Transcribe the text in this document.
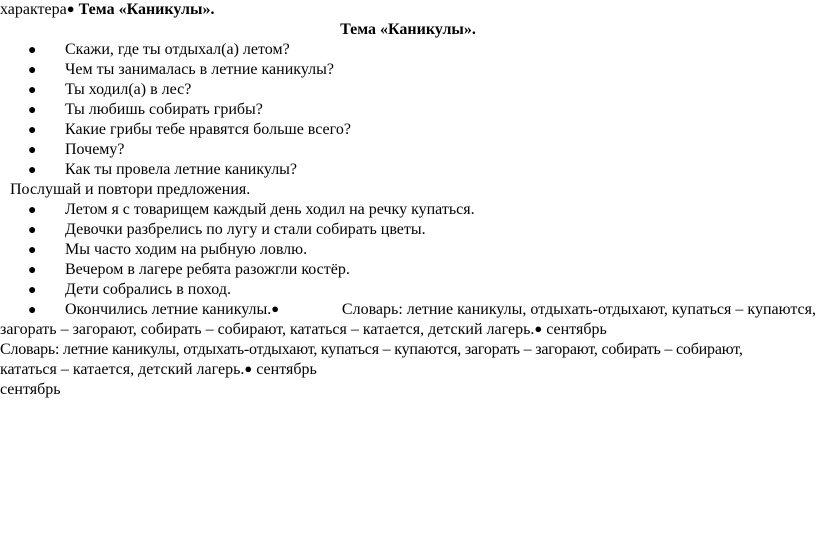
характера● Тема «Каникулы».
Тема «Каникулы».
● Скажи, где ты отдыхал(а) летом?
● Чем ты занималась в летние каникулы?
● Ты ходил(а) в лес?
● Ты любишь собирать грибы?
● Какие грибы тебе нравятся больше всего?
● Почему?
● Как ты провела летние каникулы?
Послушай и повтори предложения.
● Летом я с товарищем каждый день ходил на речку купаться.
● Девочки разбрелись по лугу и стали собирать цветы.
● Мы часто ходим на рыбную ловлю.
● Вечером в лагере ребята разожгли костёр.
● Дети собрались в поход.
● Окончились летние каникулы.●	Словарь: летние каникулы, отдыхать-отдыхают, купаться – купаются,
загорать – загорают, собирать – собирают, кататься – катается, детский лагерь.● сентябрь
Словарь: летние каникулы, отдыхать-отдыхают, купаться – купаются, загорать – загорают, собирать – собирают,
кататься – катается, детский лагерь.● сентябрь
сентябрь
